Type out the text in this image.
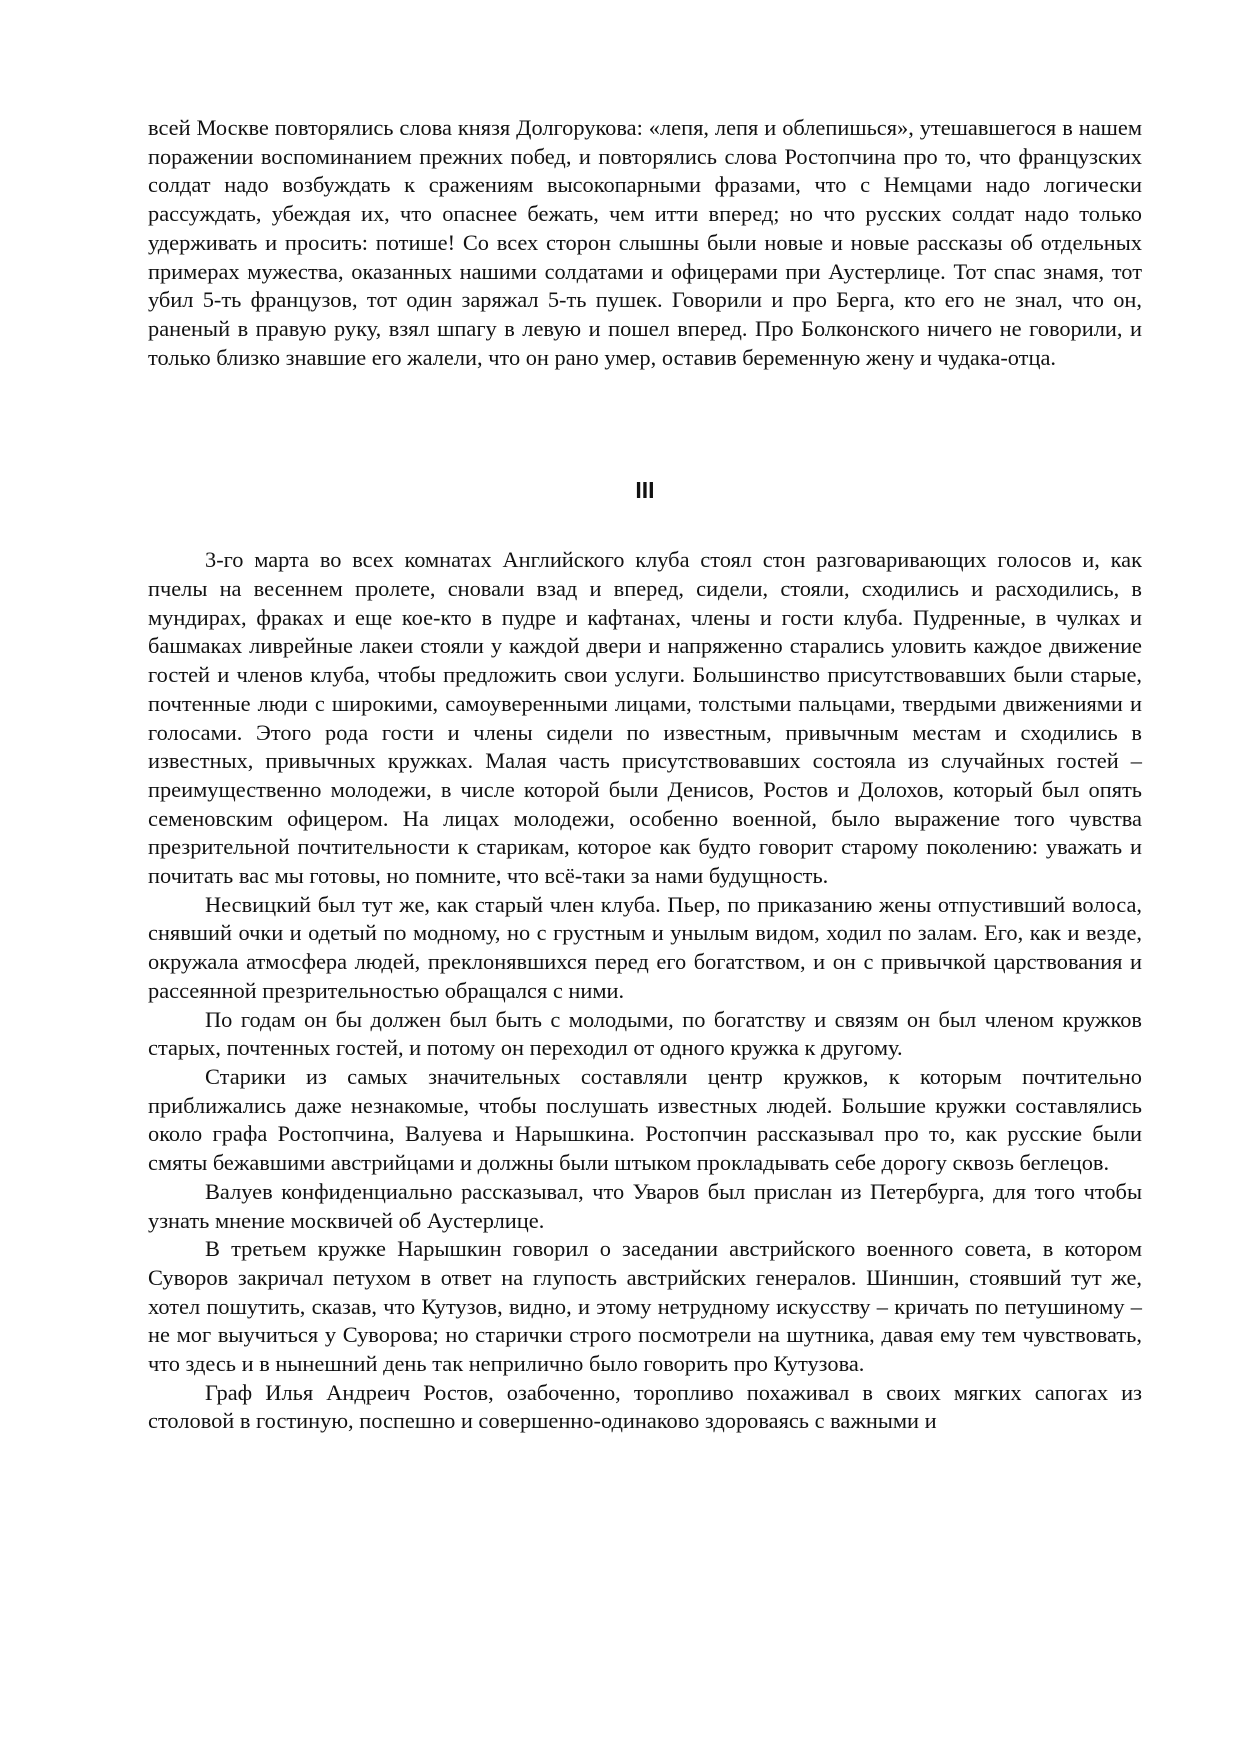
всей Москве повторялись слова князя Долгорукова: «лепя, лепя и облепишься», утешавшегося в нашем поражении воспоминанием прежних побед, и повторялись слова Ростопчина про то, что французских солдат надо возбуждать к сражениям высокопарными фразами, что с Немцами надо логически рассуждать, убеждая их, что опаснее бежать, чем итти вперед; но что русских солдат надо только удерживать и просить: потише! Со всех сторон слышны были новые и новые рассказы об отдельных примерах мужества, оказанных нашими солдатами и офицерами при Аустерлице. Тот спас знамя, тот убил 5-ть французов, тот один заряжал 5-ть пушек. Говорили и про Берга, кто его не знал, что он, раненый в правую руку, взял шпагу в левую и пошел вперед. Про Болконского ничего не говорили, и только близко знавшие его жалели, что он рано умер, оставив беременную жену и чудака-отца.

III

3-го марта во всех комнатах Английского клуба стоял стон разговаривающих голосов и, как пчелы на весеннем пролете, сновали взад и вперед, сидели, стояли, сходились и расходились, в мундирах, фраках и еще кое-кто в пудре и кафтанах, члены и гости клуба. Пудренные, в чулках и башмаках ливрейные лакеи стояли у каждой двери и напряженно старались уловить каждое движение гостей и членов клуба, чтобы предложить свои услуги. Большинство присутствовавших были старые, почтенные люди с широкими, самоуверенными лицами, толстыми пальцами, твердыми движениями и голосами. Этого рода гости и члены сидели по известным, привычным местам и сходились в известных, привычных кружках. Малая часть присутствовавших состояла из случайных гостей – преимущественно молодежи, в числе которой были Денисов, Ростов и Долохов, который был опять семеновским офицером. На лицах молодежи, особенно военной, было выражение того чувства презрительной почтительности к старикам, которое как будто говорит старому поколению: уважать и почитать вас мы готовы, но помните, что всё-таки за нами будущность.

Несвицкий был тут же, как старый член клуба. Пьер, по приказанию жены отпустивший волоса, снявший очки и одетый по модному, но с грустным и унылым видом, ходил по залам. Его, как и везде, окружала атмосфера людей, преклонявшихся перед его богатством, и он с привычкой царствования и рассеянной презрительностью обращался с ними.

По годам он бы должен был быть с молодыми, по богатству и связям он был членом кружков старых, почтенных гостей, и потому он переходил от одного кружка к другому.

Старики из самых значительных составляли центр кружков, к которым почтительно приближались даже незнакомые, чтобы послушать известных людей. Большие кружки составлялись около графа Ростопчина, Валуева и Нарышкина. Ростопчин рассказывал про то, как русские были смяты бежавшими австрийцами и должны были штыком прокладывать себе дорогу сквозь беглецов.

Валуев конфиденциально рассказывал, что Уваров был прислан из Петербурга, для того чтобы узнать мнение москвичей об Аустерлице.

В третьем кружке Нарышкин говорил о заседании австрийского военного совета, в котором Суворов закричал петухом в ответ на глупость австрийских генералов. Шиншин, стоявший тут же, хотел пошутить, сказав, что Кутузов, видно, и этому нетрудному искусству – кричать по петушиному – не мог выучиться у Суворова; но старички строго посмотрели на шутника, давая ему тем чувствовать, что здесь и в нынешний день так неприлично было говорить про Кутузова.

Граф Илья Андреич Ростов, озабоченно, торопливо похаживал в своих мягких сапогах из столовой в гостиную, поспешно и совершенно-одинаково здороваясь с важными и
